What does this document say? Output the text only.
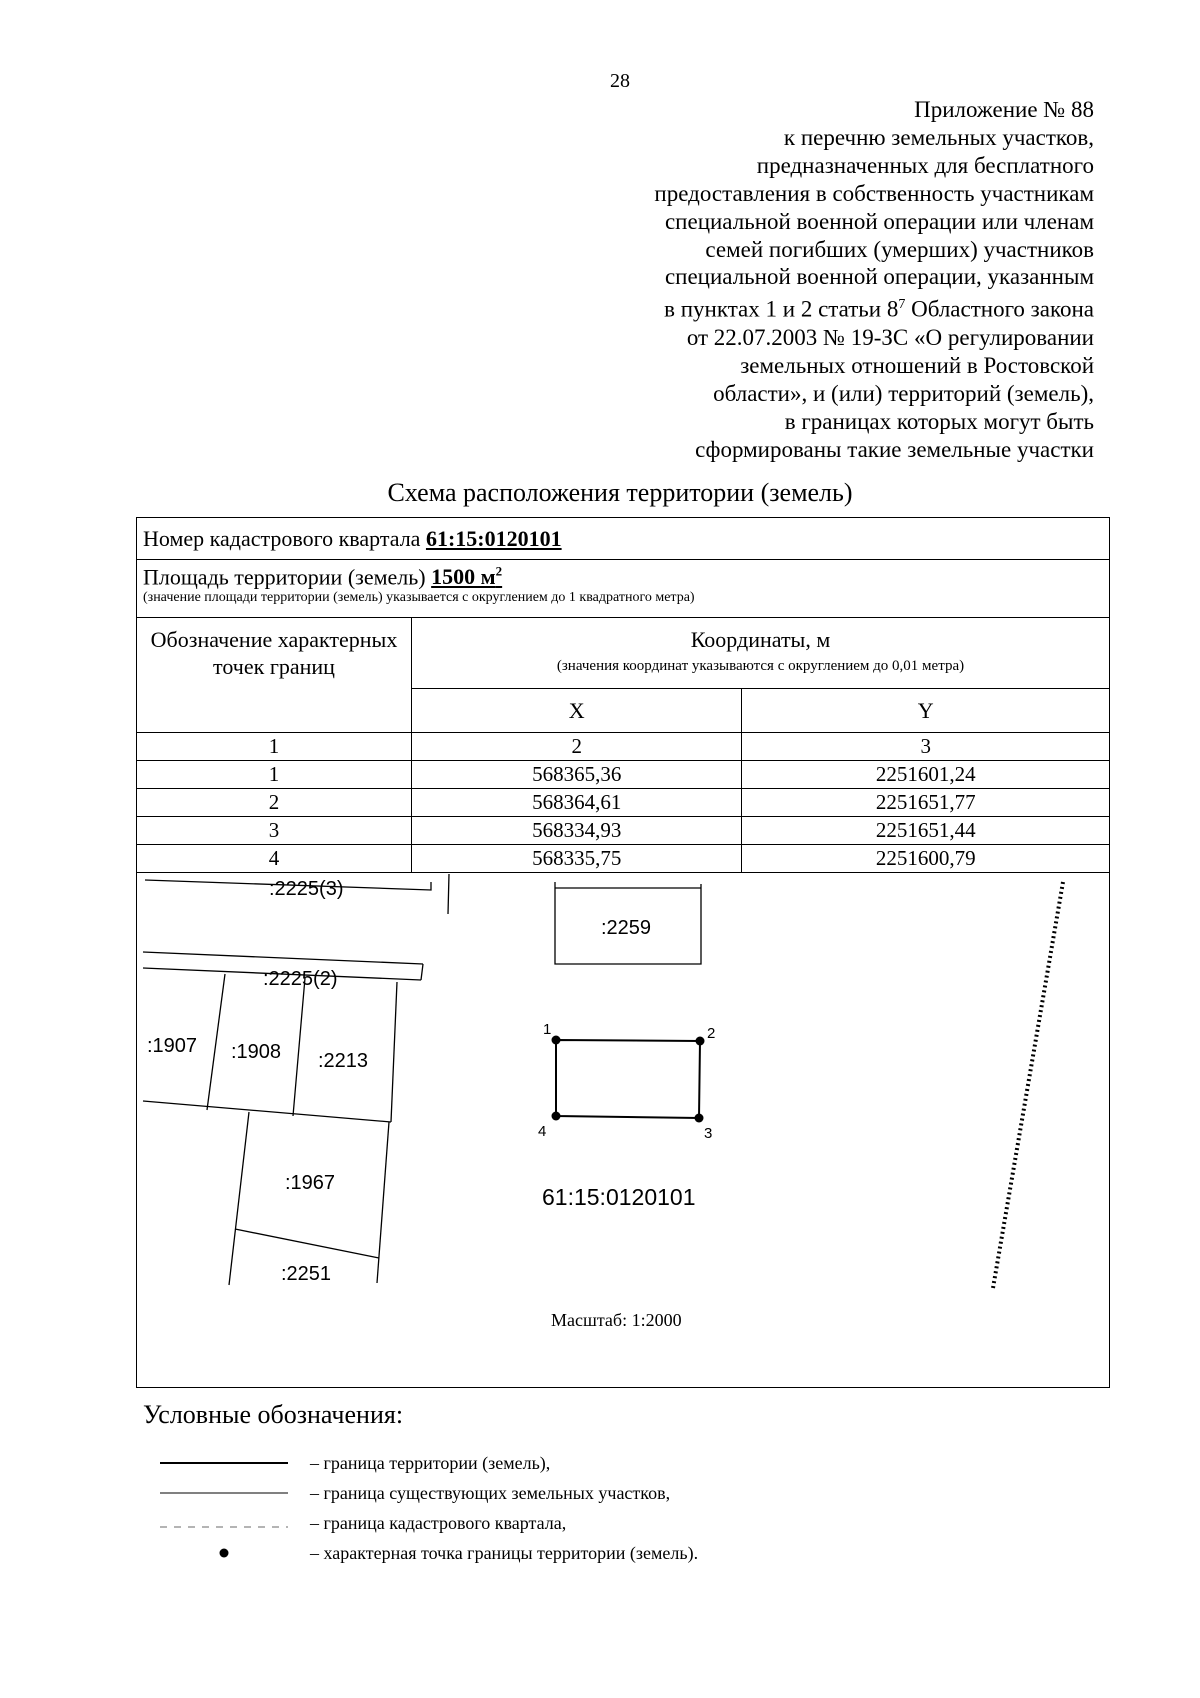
28
Приложение № 88
к перечню земельных участков,
предназначенных для бесплатного
предоставления в собственность участникам
специальной военной операции или членам
семей погибших (умерших) участников
специальной военной операции, указанным
в пунктах 1 и 2 статьи $8^7$ Областного закона
от 22.07.2003 № 19-ЗС «О регулировании
земельных отношений в Ростовской
области», и (или) территорий (земель),
в границах которых могут быть
сформированы такие земельные участки
Схема расположения территории (земель)
Номер кадастрового квартала 61:15:0120101
Площадь территории (земель) 1500 $м^2$
(значение площади территории (земель) указывается с округлением до 1 квадратного метра)
Обозначение характерных точек границ	Координаты, м
(значения координат указываются с округлением до 0,01 метра)	

	X	Y
1	2	3
1	568365,36	2251601,24
2	568364,61	2251651,77
3	568334,93	2251651,44
4	568335,75	2251600,79
:2225(3)
:2225(2)
:1907 :1908 :2213
:1967
:2251
:2259
1	2
3
4
61:15:0120101
Масштаб: 1:2000
Условные обозначения:
– граница территории (земель),
– граница существующих земельных участков,
– граница кадастрового квартала,
– характерная точка границы территории (земель).
